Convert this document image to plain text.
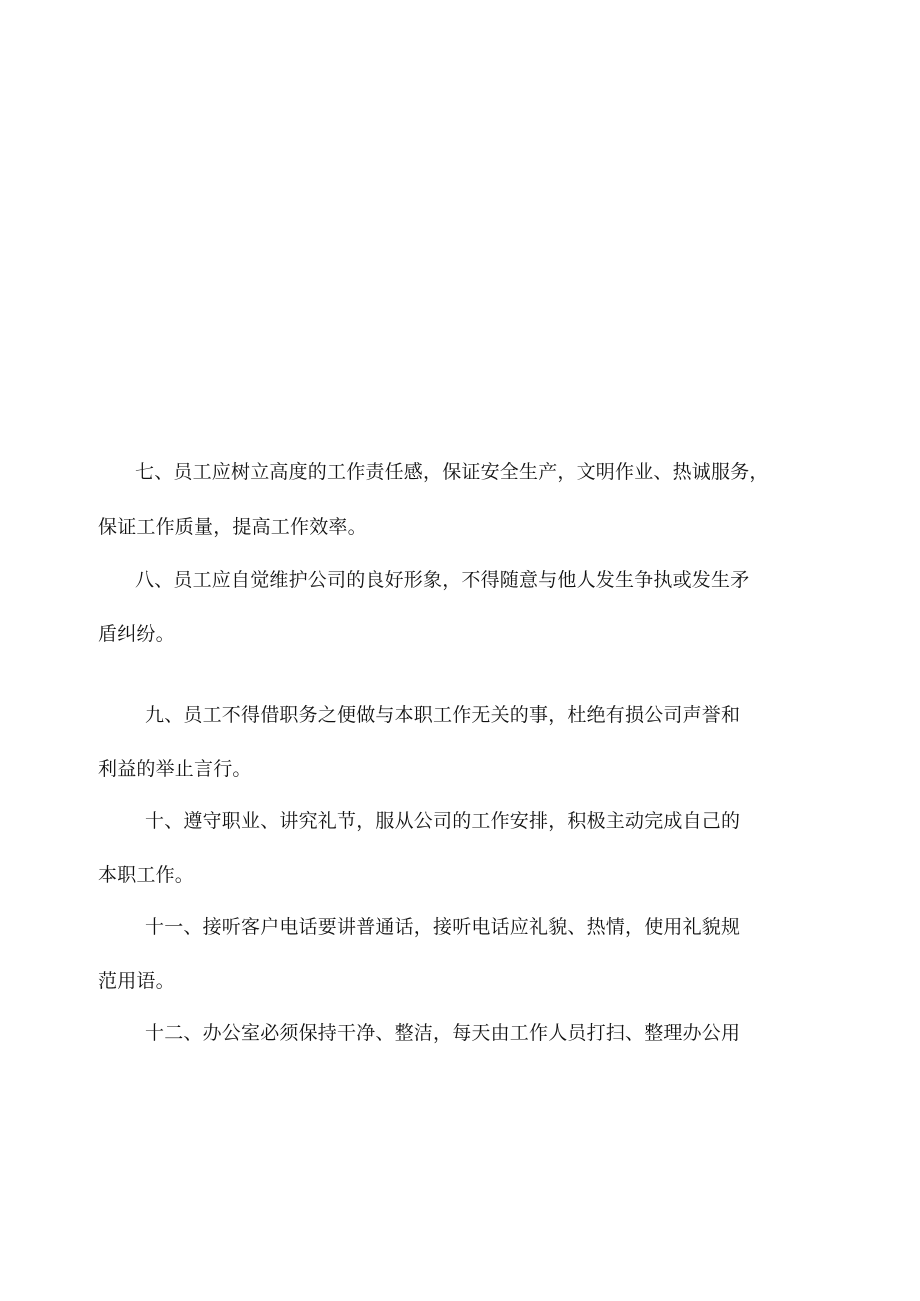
七、员工应树立高度的工作责任感，保证安全生产，文明作业、热诚服务，
保证工作质量，提高工作效率。
八、员工应自觉维护公司的良好形象，不得随意与他人发生争执或发生矛
盾纠纷。
九、员工不得借职务之便做与本职工作无关的事，杜绝有损公司声誉和
利益的举止言行。
十、遵守职业、讲究礼节，服从公司的工作安排，积极主动完成自己的
本职工作。
十一、接听客户电话要讲普通话，接听电话应礼貌、热情，使用礼貌规
范用语。
十二、办公室必须保持干净、整洁，每天由工作人员打扫、整理办公用
